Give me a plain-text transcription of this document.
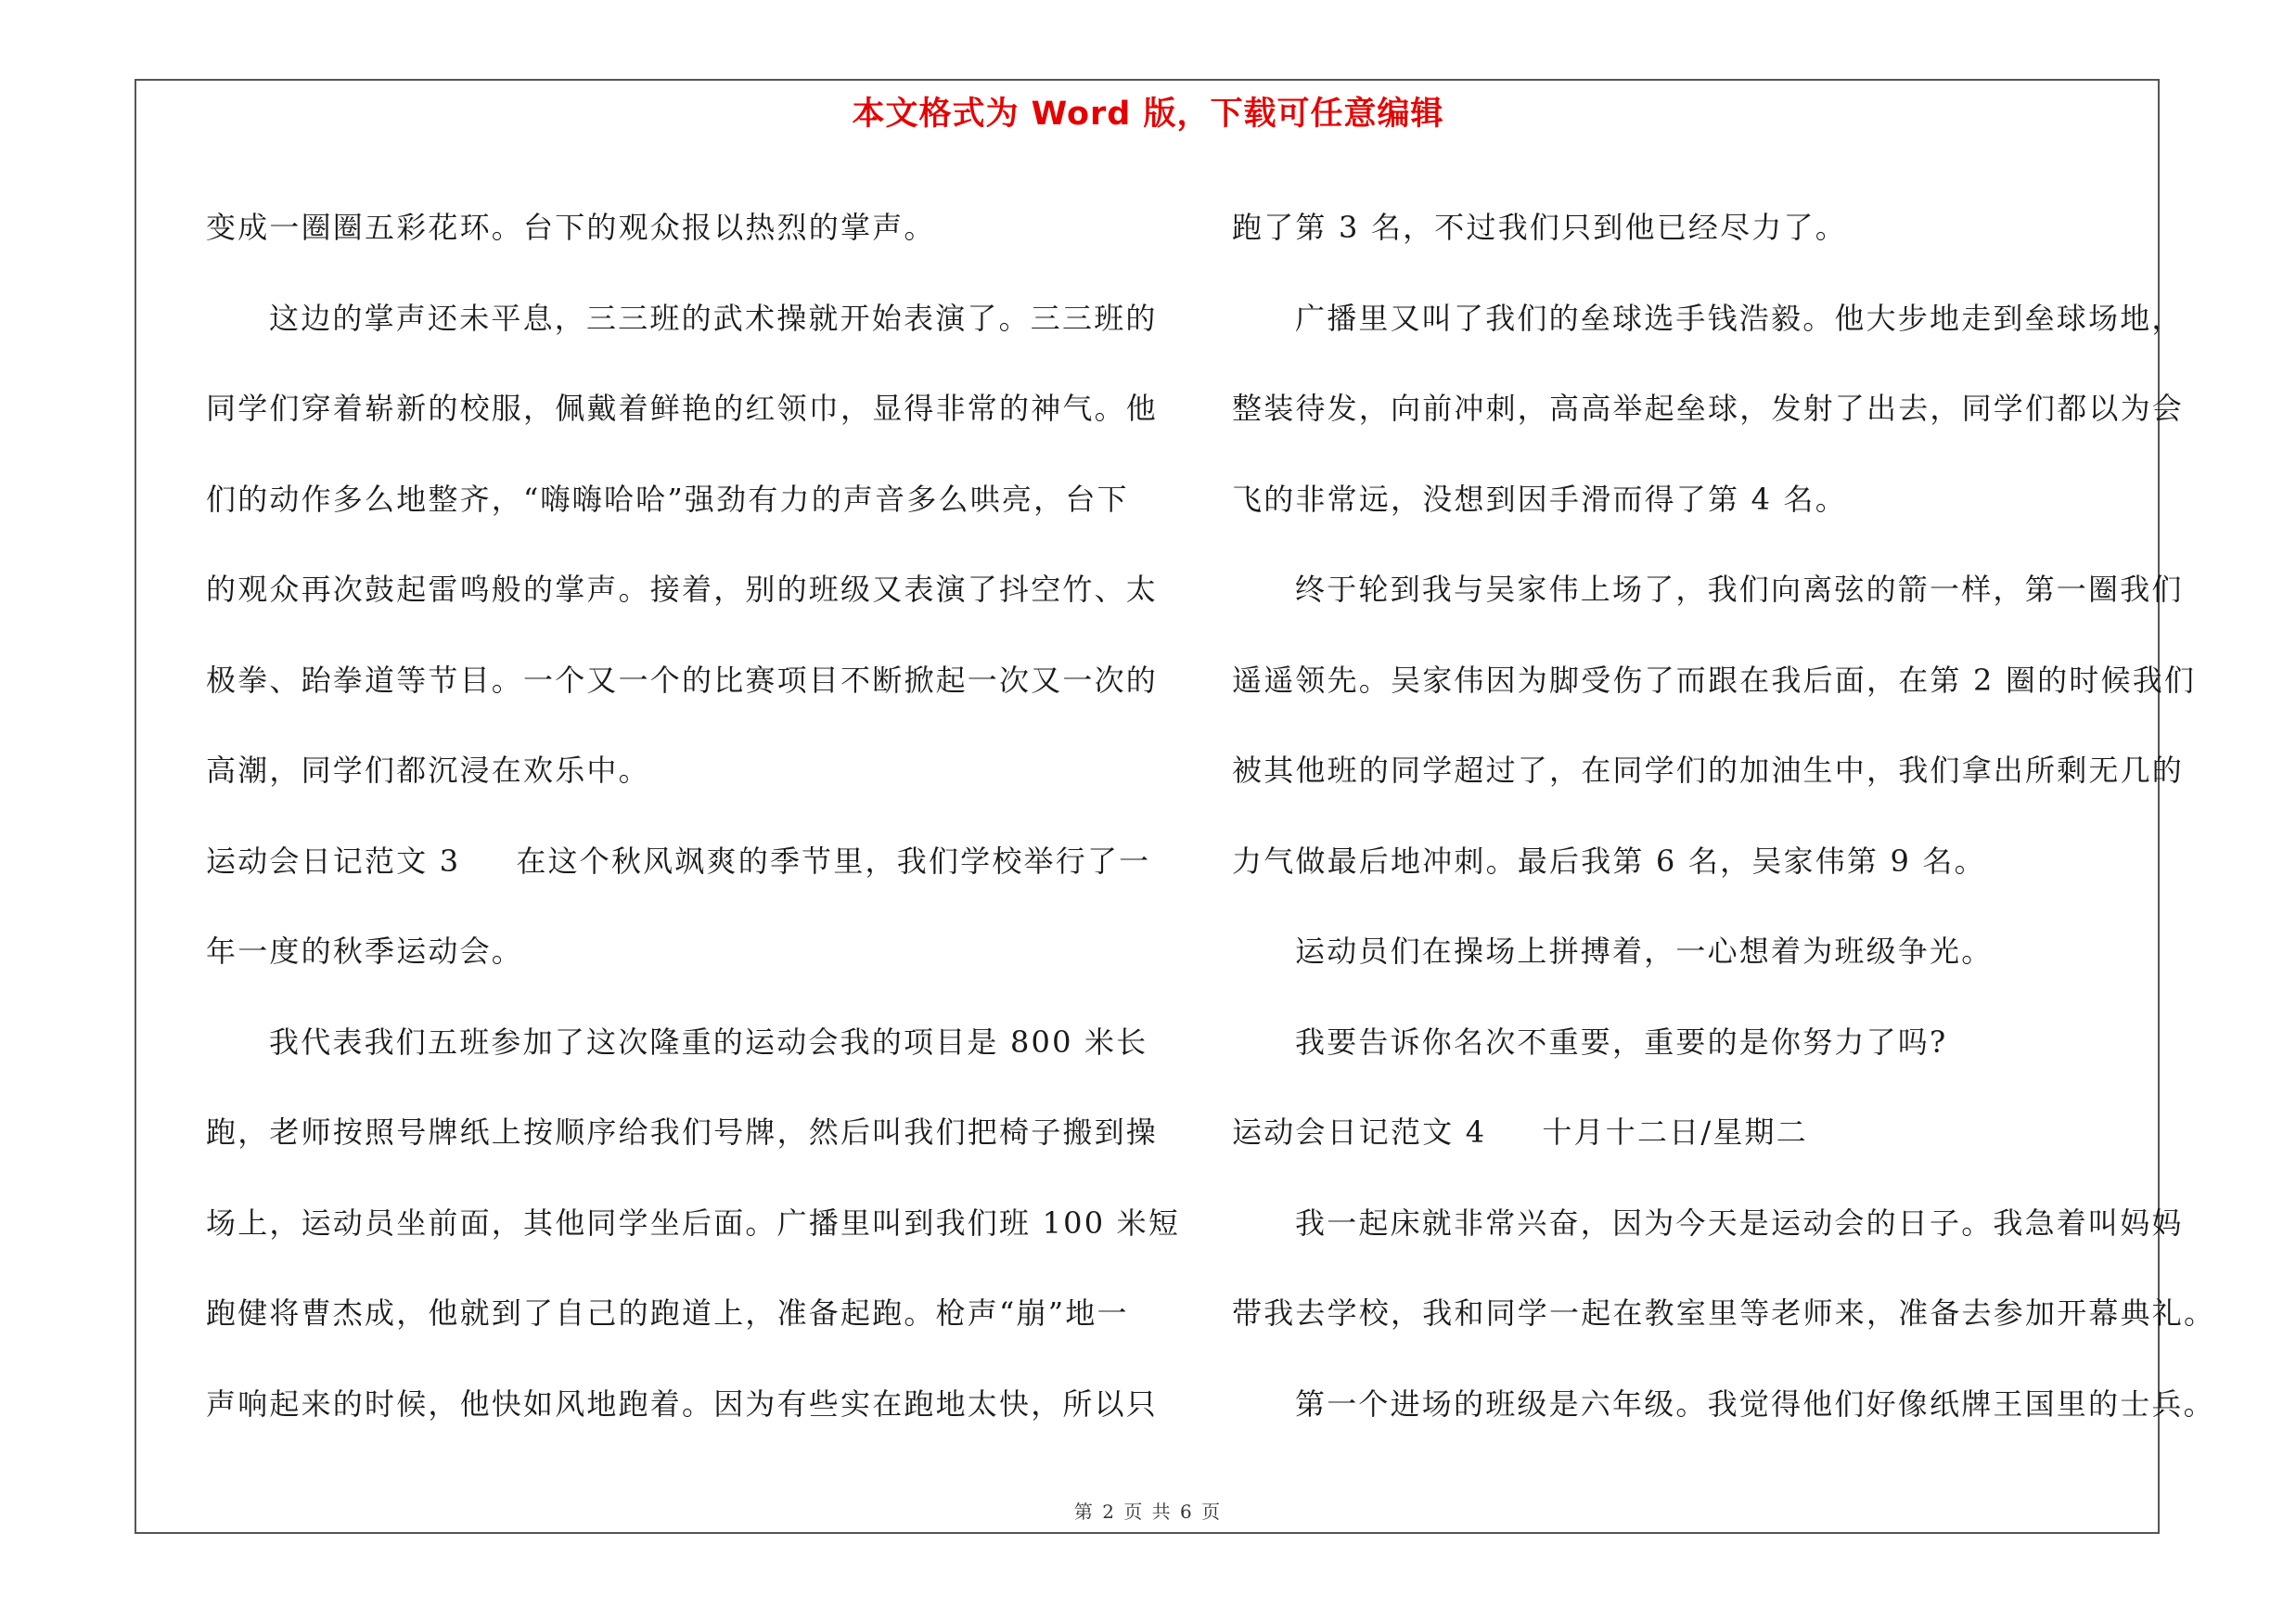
本文格式为 Word 版，下载可任意编辑

变成一圈圈五彩花环。台下的观众报以热烈的掌声。

这边的掌声还未平息，三三班的武术操就开始表演了。三三班的
同学们穿着崭新的校服，佩戴着鲜艳的红领巾，显得非常的神气。他
们的动作多么地整齐，“嗨嗨哈哈”强劲有力的声音多么哄亮，台下
的观众再次鼓起雷鸣般的掌声。接着，别的班级又表演了抖空竹、太
极拳、跆拳道等节目。一个又一个的比赛项目不断掀起一次又一次的
高潮，同学们都沉浸在欢乐中。

运动会日记范文 3 在这个秋风飒爽的季节里，我们学校举行了一
年一度的秋季运动会。

我代表我们五班参加了这次隆重的运动会我的项目是 800 米长
跑，老师按照号牌纸上按顺序给我们号牌，然后叫我们把椅子搬到操
场上，运动员坐前面，其他同学坐后面。广播里叫到我们班 100 米短
跑健将曹杰成，他就到了自己的跑道上，准备起跑。枪声“崩”地一
声响起来的时候，他快如风地跑着。因为有些实在跑地太快，所以只

跑了第 3 名，不过我们只到他已经尽力了。

广播里又叫了我们的垒球选手钱浩毅。他大步地走到垒球场地，
整装待发，向前冲刺，高高举起垒球，发射了出去，同学们都以为会
飞的非常远，没想到因手滑而得了第 4 名。

终于轮到我与吴家伟上场了，我们向离弦的箭一样，第一圈我们
遥遥领先。吴家伟因为脚受伤了而跟在我后面，在第 2 圈的时候我们
被其他班的同学超过了，在同学们的加油生中，我们拿出所剩无几的
力气做最后地冲刺。最后我第 6 名，吴家伟第 9 名。

运动员们在操场上拼搏着，一心想着为班级争光。

我要告诉你名次不重要，重要的是你努力了吗?

运动会日记范文 4 十月十二日/星期二

我一起床就非常兴奋，因为今天是运动会的日子。我急着叫妈妈
带我去学校，我和同学一起在教室里等老师来，准备去参加开幕典礼。

第一个进场的班级是六年级。我觉得他们好像纸牌王国里的士兵。

第 2 页 共 6 页
